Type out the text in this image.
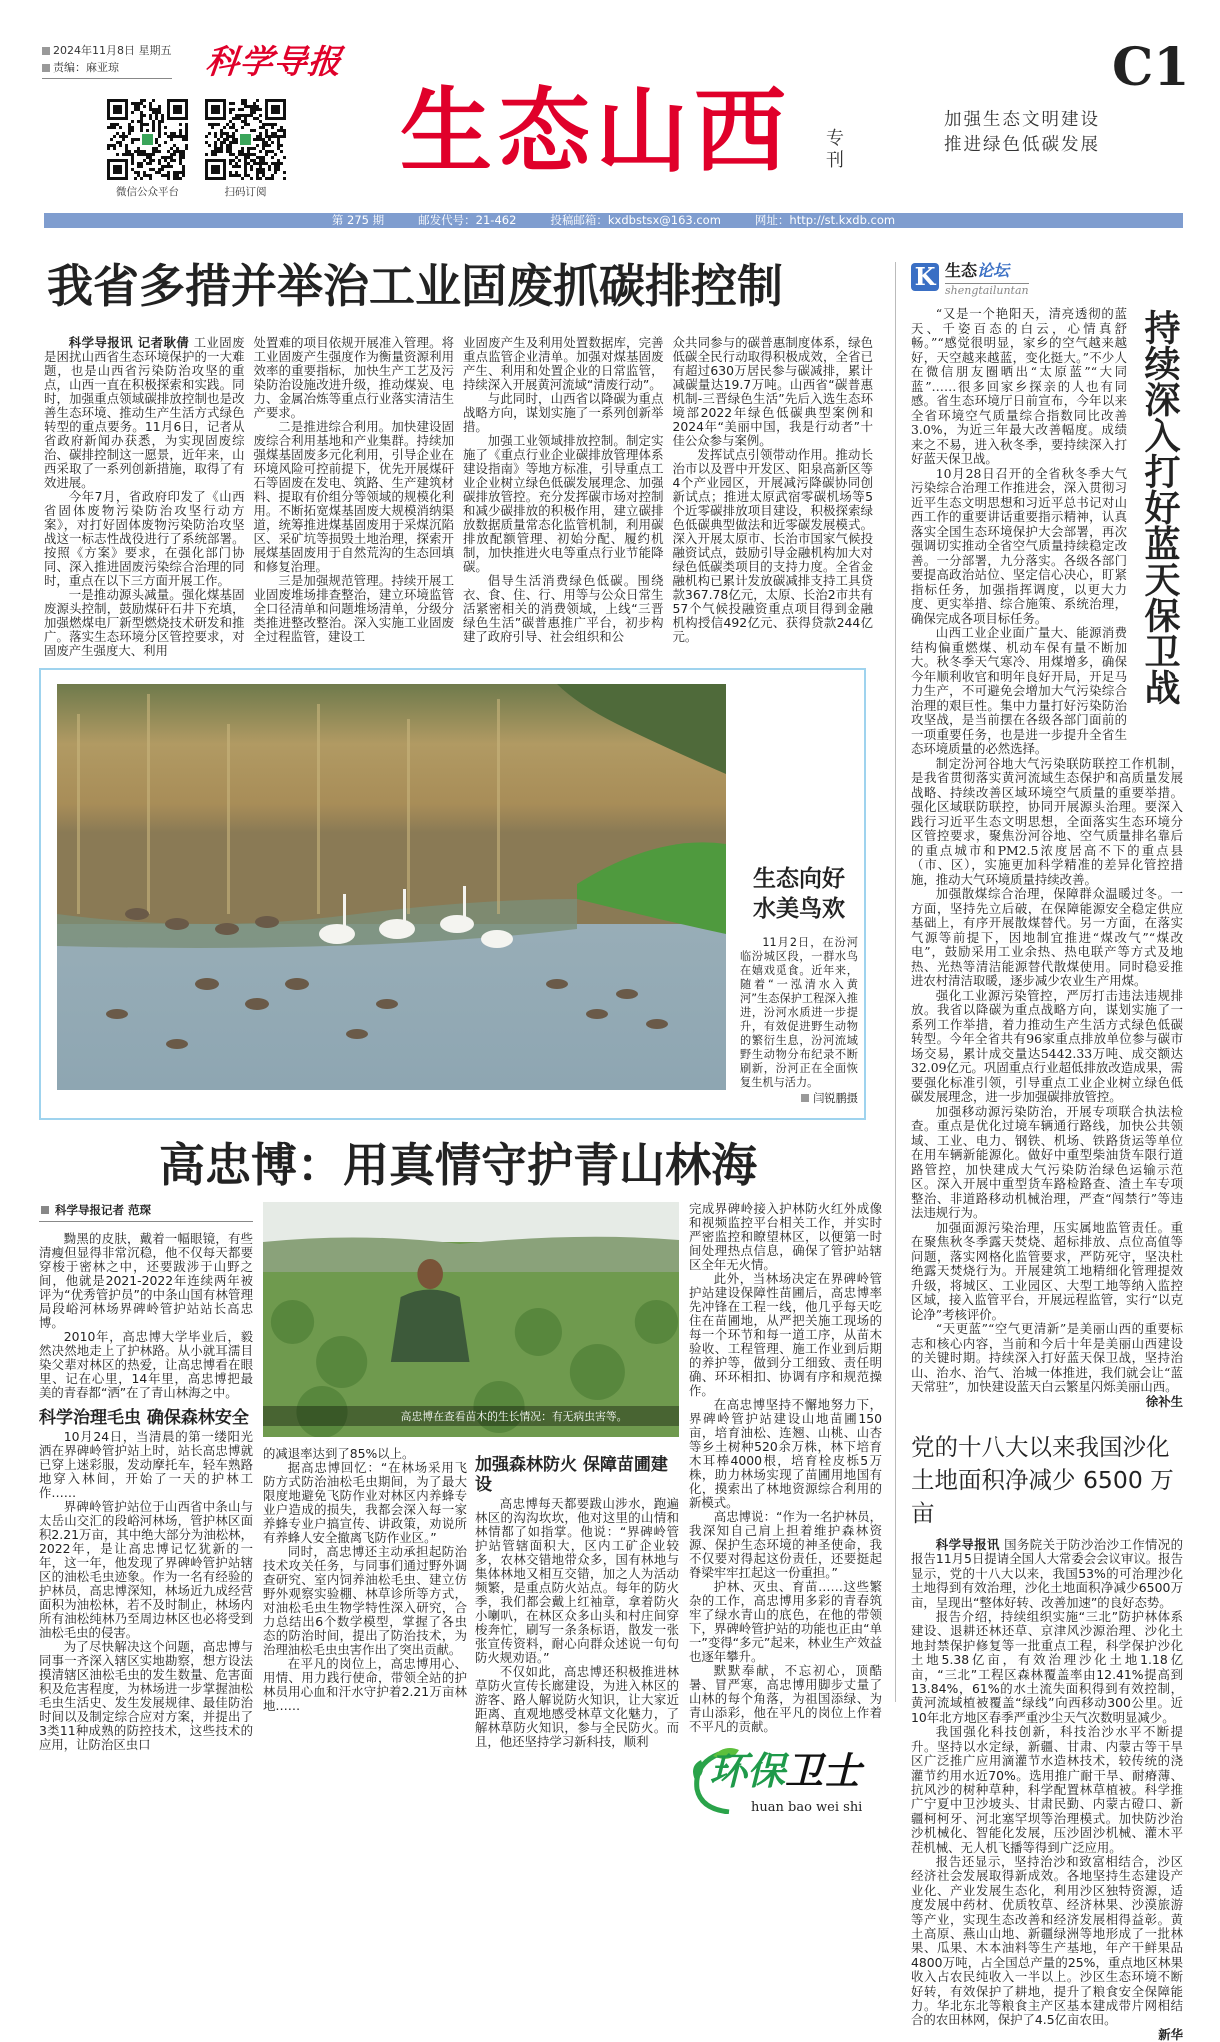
2024年11月8日 星期五
责编：麻亚琼	科学导报	C1
微信公众平台	扫码订阅
生态山西 专刊
加强生态文明建设
推进绿色低碳发展
第 275 期	邮发代号：21-462	投稿邮箱：kxdbstsx@163.com	网址：http://st.kxdb.com
我省多措并举治工业固废抓碳排控制

科学导报讯 记者耿倩 工业固废是困扰山西省生态环境保护的一大难题，也是山西省污染防治攻坚的重点，山西一直在积极探索和实践。同时，加强重点领域碳排放控制也是改善生态环境、推动生产生活方式绿色转型的重点要务。11月6日，记者从省政府新闻办获悉，为实现固废综治、碳排控制这一愿景，近年来，山西采取了一系列创新措施，取得了有效进展。

今年7月，省政府印发了《山西省固体废物污染防治攻坚行动方案》，对打好固体废物污染防治攻坚战这一标志性战役进行了系统部署。按照《方案》要求，在强化部门协同、深入推进固废污染综合治理的同时，重点在以下三方面开展工作。

一是推动源头减量。强化煤基固废源头控制，鼓励煤矸石井下充填，加强燃煤电厂新型燃烧技术研发和推广。落实生态环境分区管控要求，对固废产生强度大、利用

处置难的项目依规开展准入管理。将工业固废产生强度作为衡量资源利用效率的重要指标，加快生产工艺及污染防治设施改进升级，推动煤炭、电力、金属冶炼等重点行业落实清洁生产要求。

二是推进综合利用。加快建设固废综合利用基地和产业集群。持续加强煤基固废多元化利用，引导企业在环境风险可控前提下，优先开展煤矸石等固废在发电、筑路、生产建筑材料、提取有价组分等领域的规模化利用。不断拓宽煤基固废大规模消纳渠道，统筹推进煤基固废用于采煤沉陷区、采矿坑等损毁土地治理，探索开展煤基固废用于自然荒沟的生态回填和修复治理。

三是加强规范管理。持续开展工业固废堆场排查整治，建立环境监管全口径清单和问题堆场清单，分级分类推进整改整治。深入实施工业固废全过程监管，建设工

业固废产生及利用处置数据库，完善重点监管企业清单。加强对煤基固废产生、利用和处置企业的日常监管，持续深入开展黄河流域“清废行动”。

与此同时，山西省以降碳为重点战略方向，谋划实施了一系列创新举措。

加强工业领域排放控制。制定实施了《重点行业企业碳排放管理体系建设指南》等地方标准，引导重点工业企业树立绿色低碳发展理念、加强碳排放管控。充分发挥碳市场对控制和减少碳排放的积极作用，建立碳排放数据质量常态化监管机制，利用碳排放配额管理、初始分配、履约机制，加快推进火电等重点行业节能降碳。

倡导生活消费绿色低碳。围绕衣、食、住、行、用等与公众日常生活紧密相关的消费领域，上线“三晋绿色生活”碳普惠推广平台，初步构建了政府引导、社会组织和公

众共同参与的碳普惠制度体系，绿色低碳全民行动取得积极成效，全省已有超过630万居民参与碳减排，累计减碳量达19.7万吨。山西省“碳普惠机制-三晋绿色生活”先后入选生态环境部2022年绿色低碳典型案例和2024年“美丽中国，我是行动者”十佳公众参与案例。

发挥试点引领带动作用。推动长治市以及晋中开发区、阳泉高新区等4个产业园区，开展减污降碳协同创新试点；推进太原武宿零碳机场等5个近零碳排放项目建设，积极探索绿色低碳典型做法和近零碳发展模式。深入开展太原市、长治市国家气候投融资试点，鼓励引导金融机构加大对绿色低碳类项目的支持力度。全省金融机构已累计发放碳减排支持工具贷款367.78亿元，太原、长治2市共有57个气候投融资重点项目得到金融机构授信492亿元、获得贷款244亿元。

生态向好
水美鸟欢

11月2日，在汾河临汾城区段，一群水鸟在嬉戏觅食。近年来，随着“一泓清水入黄河”生态保护工程深入推进，汾河水质进一步提升，有效促进野生动物的繁衍生息，汾河流域野生动物分布纪录不断刷新，汾河正在全面恢复生机与活力。

闫锐鹏摄
高忠博：用真情守护青山林海
科学导报记者 范琛

黝黑的皮肤，戴着一幅眼镜，有些清瘦但显得非常沉稳，他不仅每天都要穿梭于密林之中，还要跋涉于山野之间，他就是2021-2022年连续两年被评为“优秀管护员”的中条山国有林管理局段峪河林场界碑岭管护站站长高忠博。

2010年，高忠博大学毕业后，毅然决然地走上了护林路。从小就耳濡目染父辈对林区的热爱，让高忠博看在眼里、记在心里，14年里，高忠博把最美的青春都“洒”在了青山林海之中。

科学治理毛虫 确保森林安全

10月24日，当清晨的第一缕阳光洒在界碑岭管护站上时，站长高忠博就已穿上迷彩服，发动摩托车，轻车熟路地穿入林间，开始了一天的护林工作……

界碑岭管护站位于山西省中条山与太岳山交汇的段峪河林场，管护林区面积2.21万亩，其中绝大部分为油松林，2022年，是让高忠博记忆犹新的一年，这一年，他发现了界碑岭管护站辖区的油松毛虫迹象。作为一名有经验的护林员，高忠博深知，林场近九成经营面积为油松林，若不及时制止，林场内所有油松纯林乃至周边林区也必将受到油松毛虫的侵害。

为了尽快解决这个问题，高忠博与同事一齐深入辖区实地勘察，想方设法摸清辖区油松毛虫的发生数量、危害面积及危害程度，为林场进一步掌握油松毛虫生活史、发生发展规律、最佳防治时间以及制定综合应对方案，并提出了3类11种成熟的防控技术，这些技术的应用，让防治区虫口

高忠博在查看苗木的生长情况：有无病虫害等。

的减退率达到了85%以上。

据高忠博回忆：“在林场采用飞防方式防治油松毛虫期间，为了最大限度地避免飞防作业对林区内养蜂专业户造成的损失，我都会深入每一家养蜂专业户搞宣传、讲政策，劝说所有养蜂人安全撤离飞防作业区。”

同时，高忠博还主动承担起防治技术攻关任务，与同事们通过野外调查研究、室内饲养油松毛虫、建立仿野外观察实验棚、林草诊所等方式，对油松毛虫生物学特性深入研究，合力总结出6个数学模型，掌握了各虫态的防治时间，提出了防治技术，为治理油松毛虫虫害作出了突出贡献。

在平凡的岗位上，高忠博用心、用情、用力践行使命，带领全站的护林员用心血和汗水守护着2.21万亩林地……

加强森林防火 保障苗圃建设

高忠博每天都要跋山涉水，跑遍林区的沟沟坎坎，他对这里的山情和林情都了如指掌。他说：“界碑岭管护站管辖面积大，区内工矿企业较多，农林交错地带众多，国有林地与集体林地又相互交错，加之人为活动频繁，是重点防火站点。每年的防火季，我们都会戴上红袖章，拿着防火小喇叭，在林区众多山头和村庄间穿梭奔忙，刷写一条条标语，散发一张张宣传资料，耐心向群众述说一句句防火规劝语。”

不仅如此，高忠博还积极推进林草防火宣传长廊建设，为进入林区的游客、路人解说防火知识，让大家近距离、直观地感受林草文化魅力，了解林草防火知识，参与全民防火。而且，他还坚持学习新科技，顺利

完成界碑岭接入护林防火红外成像和视频监控平台相关工作，并实时严密监控和瞭望林区，以便第一时间处理热点信息，确保了管护站辖区全年无火情。

此外，当林场决定在界碑岭管护站建设保障性苗圃后，高忠博率先冲锋在工程一线，他几乎每天吃住在苗圃地，从严把关施工现场的每一个环节和每一道工序，从苗木验收、工程管理、施工作业到后期的养护等，做到分工细致、责任明确、环环相扣、协调有序和规范操作。

在高忠博坚持不懈地努力下，界碑岭管护站建设山地苗圃150亩，培育油松、连翘、山桃、山杏等乡土树种520余万株，林下培育木耳棒4000根，培育栓皮栎5万株，助力林场实现了苗圃用地国有化，摸索出了林地资源综合利用的新模式。

高忠博说：“作为一名护林员，我深知自己肩上担着维护森林资源、保护生态环境的神圣使命，我不仅要对得起这份责任，还要挺起脊梁牢牢扛起这一份重担。”

护林、灭虫、育苗……这些繁杂的工作，高忠博用多彩的青春筑牢了绿水青山的底色，在他的带领下，界碑岭管护站的功能也正由“单一”变得“多元”起来，林业生产效益也逐年攀升。

默默奉献，不忘初心，顶酷暑、冒严寒，高忠博用脚步丈量了山林的每个角落，为祖国添绿、为青山添彩，他在平凡的岗位上作着不平凡的贡献。

环保卫士
huan bao wei shi
K 生态论坛
shengtailuntan
持续深入打好蓝天保卫战

“又是一个艳阳天，清亮透彻的蓝天、千姿百态的白云，心情真舒畅。”“感觉很明显，家乡的空气越来越好，天空越来越蓝，变化挺大。”不少人在微信朋友圈晒出“太原蓝”“大同蓝”……很多回家乡探亲的人也有同感。省生态环境厅日前宣布，今年以来全省环境空气质量综合指数同比改善3.0%，为近三年最大改善幅度。成绩来之不易，进入秋冬季，要持续深入打好蓝天保卫战。

10月28日召开的全省秋冬季大气污染综合治理工作推进会，深入贯彻习近平生态文明思想和习近平总书记对山西工作的重要讲话重要指示精神，认真落实全国生态环境保护大会部署，再次强调切实推动全省空气质量持续稳定改善。一分部署，九分落实。各级各部门要提高政治站位、坚定信心决心，盯紧指标任务，加强指挥调度，以更大力度、更实举措、综合施策、系统治理，确保完成各项目标任务。

山西工业企业面广量大、能源消费结构偏重燃煤、机动车保有量不断加大。秋冬季天气寒冷、用煤增多，确保今年顺利收官和明年良好开局，开足马力生产，不可避免会增加大气污染综合治理的艰巨性。集中力量打好污染防治攻坚战，是当前摆在各级各部门面前的一项重要任务，也是进一步提升全省生态环境质量的必然选择。

制定汾河谷地大气污染联防联控工作机制，是我省贯彻落实黄河流域生态保护和高质量发展战略、持续改善区域环境空气质量的重要举措。强化区域联防联控，协同开展源头治理。要深入践行习近平生态文明思想，全面落实生态环境分区管控要求，聚焦汾河谷地、空气质量排名靠后的重点城市和PM2.5浓度居高不下的重点县（市、区），实施更加科学精准的差异化管控措施，推动大气环境质量持续改善。

加强散煤综合治理，保障群众温暖过冬。一方面，坚持先立后破，在保障能源安全稳定供应基础上，有序开展散煤替代。另一方面，在落实气源等前提下，因地制宜推进“煤改气”“煤改电”，鼓励采用工业余热、热电联产等方式及地热、光热等清洁能源替代散煤使用。同时稳妥推进农村清洁取暖，逐步减少农业生产用煤。

强化工业源污染管控，严厉打击违法违规排放。我省以降碳为重点战略方向，谋划实施了一系列工作举措，着力推动生产生活方式绿色低碳转型。今年全省共有96家重点排放单位参与碳市场交易，累计成交量达5442.33万吨、成交额达32.09亿元。巩固重点行业超低排放改造成果，需要强化标准引领，引导重点工业企业树立绿色低碳发展理念，进一步加强碳排放管控。

加强移动源污染防治，开展专项联合执法检查。重点是优化过境车辆通行路线，加快公共领域、工业、电力、钢铁、机场、铁路货运等单位在用车辆新能源化。做好中重型柴油货车限行道路管控，加快建成大气污染防治绿色运输示范区。深入开展中重型货车路检路查、渣土车专项整治、非道路移动机械治理，严查“闯禁行”等违法违规行为。

加强面源污染治理，压实属地监管责任。重在聚焦秋冬季露天焚烧、超标排放、点位高值等问题，落实网格化监管要求，严防死守，坚决杜绝露天焚烧行为。开展建筑工地精细化管理提效升级，将城区、工业园区、大型工地等纳入监控区域，接入监管平台，开展远程监管，实行“以克论净”考核评价。

“天更蓝”“空气更清新”是美丽山西的重要标志和核心内容，当前和今后十年是美丽山西建设的关键时期。持续深入打好蓝天保卫战，坚持治山、治水、治气、治城一体推进，我们就会让“蓝天常驻”，加快建设蓝天白云繁星闪烁美丽山西。

徐补生
党的十八大以来我国沙化
土地面积净减少 6500 万亩

科学导报讯 国务院关于防沙治沙工作情况的报告11月5日提请全国人大常委会会议审议。报告显示，党的十八大以来，我国53%的可治理沙化土地得到有效治理，沙化土地面积净减少6500万亩，呈现出“整体好转、改善加速”的良好态势。

报告介绍，持续组织实施“三北”防护林体系建设、退耕还林还草、京津风沙源治理、沙化土地封禁保护修复等一批重点工程，科学保护沙化土地5.38亿亩，有效治理沙化土地1.18亿亩，“三北”工程区森林覆盖率由12.41%提高到13.84%，61%的水土流失面积得到有效控制，黄河流域植被覆盖“绿线”向西移动300公里。近10年北方地区春季严重沙尘天气次数明显减少。

我国强化科技创新，科技治沙水平不断提升。坚持以水定绿，新疆、甘肃、内蒙古等干旱区广泛推广应用滴灌节水造林技术，较传统的浇灌节约用水近70%。选用推广耐干旱、耐瘠薄、抗风沙的树种草种，科学配置林草植被。科学推广宁夏中卫沙坡头、甘肃民勤、内蒙古磴口、新疆柯柯牙、河北塞罕坝等治理模式。加快防沙治沙机械化、智能化发展，压沙固沙机械、灌木平茬机械、无人机飞播等得到广泛应用。

报告还显示，坚持治沙和致富相结合，沙区经济社会发展取得新成效。各地坚持生态建设产业化、产业发展生态化，利用沙区独特资源，适度发展中药材、优质牧草、经济林果、沙漠旅游等产业，实现生态改善和经济发展相得益彰。黄土高原、燕山山地、新疆绿洲等地形成了一批林果、瓜果、木本油料等生产基地，年产干鲜果品4800万吨，占全国总产量的25%，重点地区林果收入占农民纯收入一半以上。沙区生态环境不断好转，有效保护了耕地，提升了粮食安全保障能力。华北东北等粮食主产区基本建成带片网相结合的农田林网，保护了4.5亿亩农田。

新华
